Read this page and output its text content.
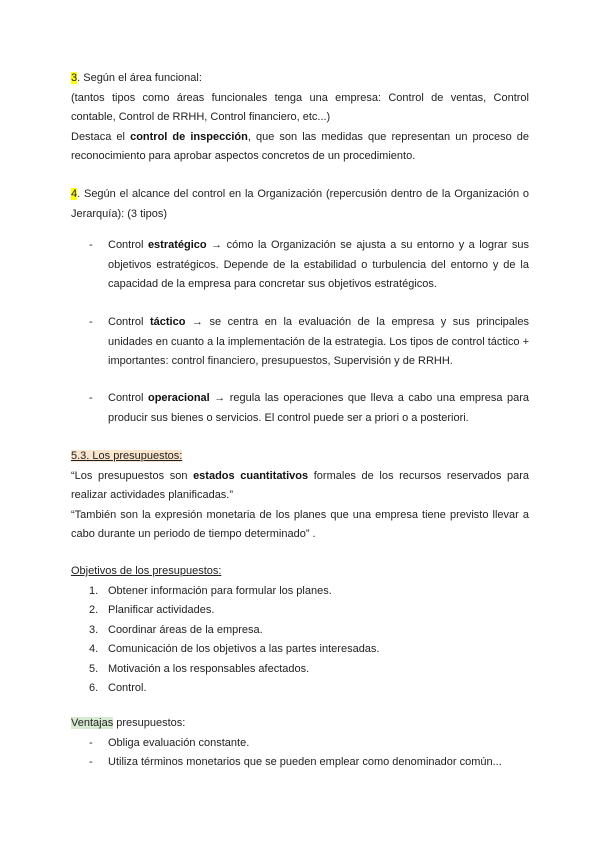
3. Según el área funcional:

(tantos tipos como áreas funcionales tenga una empresa: Control de ventas, Control contable, Control de RRHH, Control financiero, etc...)

Destaca el control de inspección, que son las medidas que representan un proceso de reconocimiento para aprobar aspectos concretos de un procedimiento.

4. Según el alcance del control en la Organización (repercusión dentro de la Organización o Jerarquía): (3 tipos)

- Control estratégico → cómo la Organización se ajusta a su entorno y a lograr sus objetivos estratégicos. Depende de la estabilidad o turbulencia del entorno y de la capacidad de la empresa para concretar sus objetivos estratégicos.
- Control táctico → se centra en la evaluación de la empresa y sus principales unidades en cuanto a la implementación de la estrategia. Los tipos de control táctico + importantes: control financiero, presupuestos, Supervisión y de RRHH.
- Control operacional → regula las operaciones que lleva a cabo una empresa para producir sus bienes o servicios. El control puede ser a priori o a posteriori.

5.3. Los presupuestos:

“Los presupuestos son estados cuantitativos formales de los recursos reservados para realizar actividades planificadas.”

“También son la expresión monetaria de los planes que una empresa tiene previsto llevar a cabo durante un periodo de tiempo determinado” .

Objetivos de los presupuestos:

1. Obtener información para formular los planes.
2. Planificar actividades.
3. Coordinar áreas de la empresa.
4. Comunicación de los objetivos a las partes interesadas.
5. Motivación a los responsables afectados.
6. Control.

Ventajas presupuestos:

- Obliga evaluación constante.
- Utiliza términos monetarios que se pueden emplear como denominador común...
